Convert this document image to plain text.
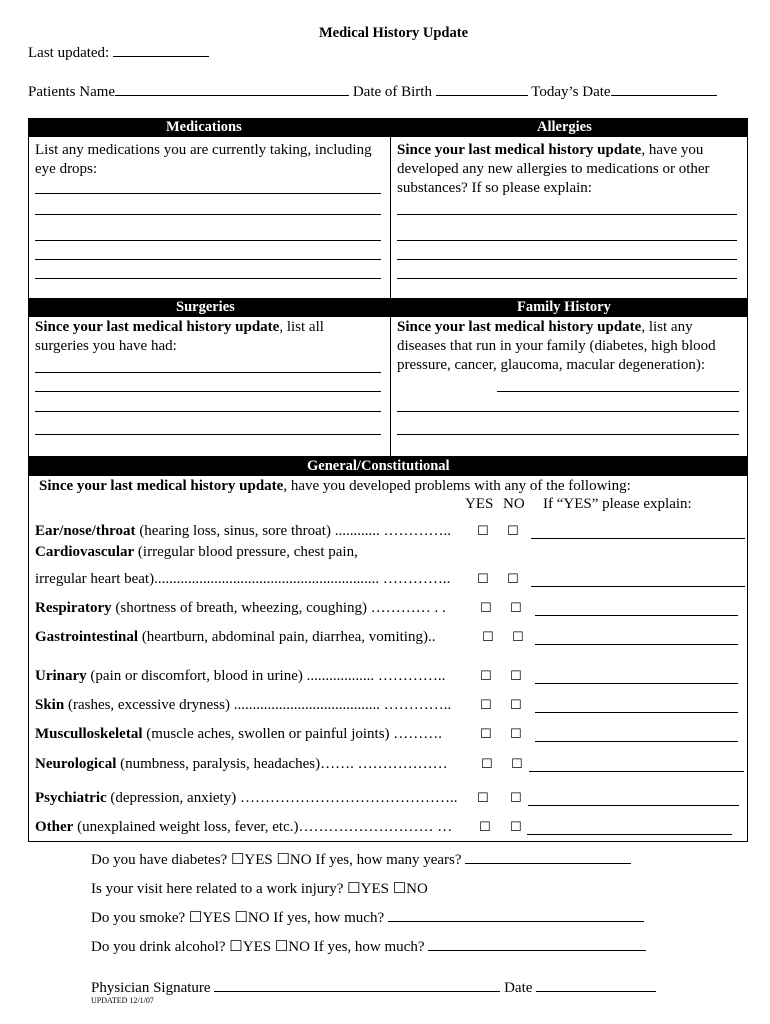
Medical History Update
Last updated:
Patients Name	Date of Birth	Today’s Date
Medications	Allergies
List any medications you are currently taking, including eye drops:
Since your last medical history update, have you developed any new allergies to medications or other substances? If so please explain:
Surgeries	Family History
Since your last medical history update, list all surgeries you have had:
Since your last medical history update, list any diseases that run in your family (diabetes, high blood pressure, cancer, glaucoma, macular degeneration):
General/Constitutional
Since your last medical history update, have you developed problems with any of the following:
YES NO If “YES” please explain:
Ear/nose/throat (hearing loss, sinus, sore throat) ............ ………….. ☐ ☐
Cardiovascular (irregular blood pressure, chest pain,
irregular heart beat)............................................................ ………….. ☐ ☐
Respiratory (shortness of breath, wheezing, coughing) ………… . .	☐ ☐
Gastrointestinal (heartburn, abdominal pain, diarrhea, vomiting)..	☐ ☐
Urinary (pain or discomfort, blood in urine) .................. …………..	☐ ☐
Skin (rashes, excessive dryness) ....................................... ………….. ☐ ☐
Musculloskeletal (muscle aches, swollen or painful joints) ……….	☐ ☐
Neurological (numbness, paralysis, headaches)……. ………………	☐ ☐
Psychiatric (depression, anxiety) …………………………………….. ☐ ☐
Other (unexplained weight loss, fever, etc.)……………………… … ☐ ☐
Do you have diabetes? ☐YES ☐NO If yes, how many years?
Is your visit here related to a work injury? ☐YES ☐NO
Do you smoke? ☐YES ☐NO If yes, how much?
Do you drink alcohol? ☐YES ☐NO If yes, how much?
Physician Signature	Date
UPDATED 12/1/07
